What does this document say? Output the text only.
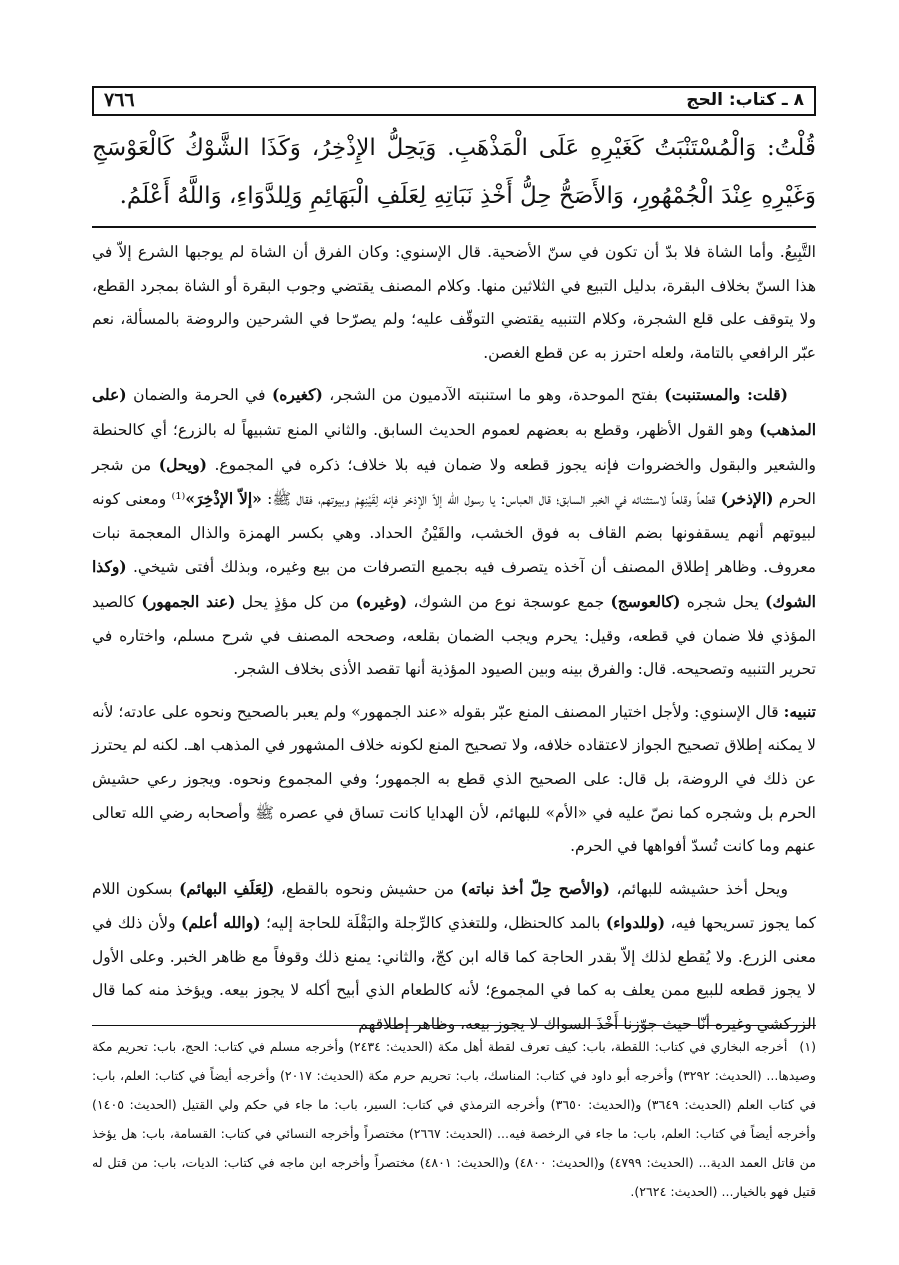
٨ ـ كتاب: الحج
٧٦٦
قُلْتُ: وَالْمُسْتَنْبَتُ كَغَيْرِهِ عَلَى الْمَذْهَبِ. وَيَحِلُّ الإِذْخِرُ، وَكَذَا الشَّوْكُ كَالْعَوْسَجِ وَغَيْرِهِ عِنْدَ الْجُمْهُورِ، وَالأَصَحُّ حِلُّ أَخْذِ نَبَاتِهِ لِعَلَفِ الْبَهَائِمِ وَلِلدَّوَاءِ، وَاللَّهُ أَعْلَمُ.

التَّبِيعُ. وأما الشاة فلا بدّ أن تكون في سنّ الأضحية. قال الإسنوي: وكان الفرق أن الشاة لم يوجبها الشرع إلاّ في هذا السنّ بخلاف البقرة، بدليل التبيع في الثلاثين منها. وكلام المصنف يقتضي وجوب البقرة أو الشاة بمجرد القطع، ولا يتوقف على قلع الشجرة، وكلام التنبيه يقتضي التوقّف عليه؛ ولم يصرّحا في الشرحين والروضة بالمسألة، نعم عبّر الرافعي بالتامة، ولعله احترز به عن قطع الغصن.

(قلت: والمستنبت) بفتح الموحدة، وهو ما استنبته الآدميون من الشجر، (كغيره) في الحرمة والضمان (على المذهب) وهو القول الأظهر، وقطع به بعضهم لعموم الحديث السابق. والثاني المنع تشبيهاً له بالزرع؛ أي كالحنطة والشعير والبقول والخضروات فإنه يجوز قطعه ولا ضمان فيه بلا خلاف؛ ذكره في المجموع. (ويحل) من شجر الحرم (الإذخر) قطعاً وقلعاً لاستثنائه في الخبر السابق؛ قال العباس: يا رسول الله إلاّ الإذخر فإنه لِقَيْنِهِمْ وبيوتهم، فقال ﷺ: «إلاّ الإذْخِرَ»⁽¹⁾ ومعنى كونه لبيوتهم أنهم يسقفونها بضم القاف به فوق الخشب، والقَيْنُ الحداد. وهي بكسر الهمزة والذال المعجمة نبات معروف. وظاهر إطلاق المصنف أن آخذه يتصرف فيه بجميع التصرفات من بيع وغيره، وبذلك أفتى شيخي. (وكذا الشوك) يحل شجره (كالعوسج) جمع عوسجة نوع من الشوك، (وغيره) من كل مؤذٍ يحل (عند الجمهور) كالصيد المؤذي فلا ضمان في قطعه، وقيل: يحرم ويجب الضمان بقلعه، وصححه المصنف في شرح مسلم، واختاره في تحرير التنبيه وتصحيحه. قال: والفرق بينه وبين الصيود المؤذية أنها تقصد الأذى بخلاف الشجر.

تنبيه: قال الإسنوي: ولأجل اختيار المصنف المنع عبّر بقوله «عند الجمهور» ولم يعبر بالصحيح ونحوه على عادته؛ لأنه لا يمكنه إطلاق تصحيح الجواز لاعتقاده خلافه، ولا تصحيح المنع لكونه خلاف المشهور في المذهب اهـ. لكنه لم يحترز عن ذلك في الروضة، بل قال: على الصحيح الذي قطع به الجمهور؛ وفي المجموع ونحوه. ويجوز رعي حشيش الحرم بل وشجره كما نصّ عليه في «الأم» للبهائم، لأن الهدايا كانت تساق في عصره ﷺ وأصحابه رضي الله تعالى عنهم وما كانت تُسدّ أفواهها في الحرم.

ويحل أخذ حشيشه للبهائم، (والأصح حِلّ أخذ نباته) من حشيش ونحوه بالقطع، (لِعَلَفِ البهائم) بسكون اللام كما يجوز تسريحها فيه، (وللدواء) بالمد كالحنظل، وللتغذي كالرِّجلة والبَقْلَة للحاجة إليه؛ (والله أعلم) ولأن ذلك في معنى الزرع. ولا يُقطع لذلك إلاّ بقدر الحاجة كما قاله ابن كجّ، والثاني: يمنع ذلك وقوفاً مع ظاهر الخبر. وعلى الأول لا يجوز قطعه للبيع ممن يعلف به كما في المجموع؛ لأنه كالطعام الذي أبيح أكله لا يجوز بيعه. ويؤخذ منه كما قال الزركشي وغيره أنّا حيث جوّزنا أَخْذَ السواك لا يجوز بيعه، وظاهر إطلاقهم

(١)أخرجه البخاري في كتاب: اللقطة، باب: كيف تعرف لقطة أهل مكة (الحديث: ٢٤٣٤) وأخرجه مسلم في كتاب: الحج، باب: تحريم مكة وصيدها... (الحديث: ٣٢٩٢) وأخرجه أبو داود في كتاب: المناسك، باب: تحريم حرم مكة (الحديث: ٢٠١٧) وأخرجه أيضاً في كتاب: العلم، باب: في كتاب العلم (الحديث: ٣٦٤٩) و(الحديث: ٣٦٥٠) وأخرجه الترمذي في كتاب: السير، باب: ما جاء في حكم ولي القتيل (الحديث: ١٤٠٥) وأخرجه أيضاً في كتاب: العلم، باب: ما جاء في الرخصة فيه... (الحديث: ٢٦٦٧) مختصراً وأخرجه النسائي في كتاب: القسامة، باب: هل يؤخذ من قاتل العمد الدية... (الحديث: ٤٧٩٩) و(الحديث: ٤٨٠٠) و(الحديث: ٤٨٠١) مختصراً وأخرجه ابن ماجه في كتاب: الديات، باب: من قتل له قتيل فهو بالخيار... (الحديث: ٢٦٢٤).
